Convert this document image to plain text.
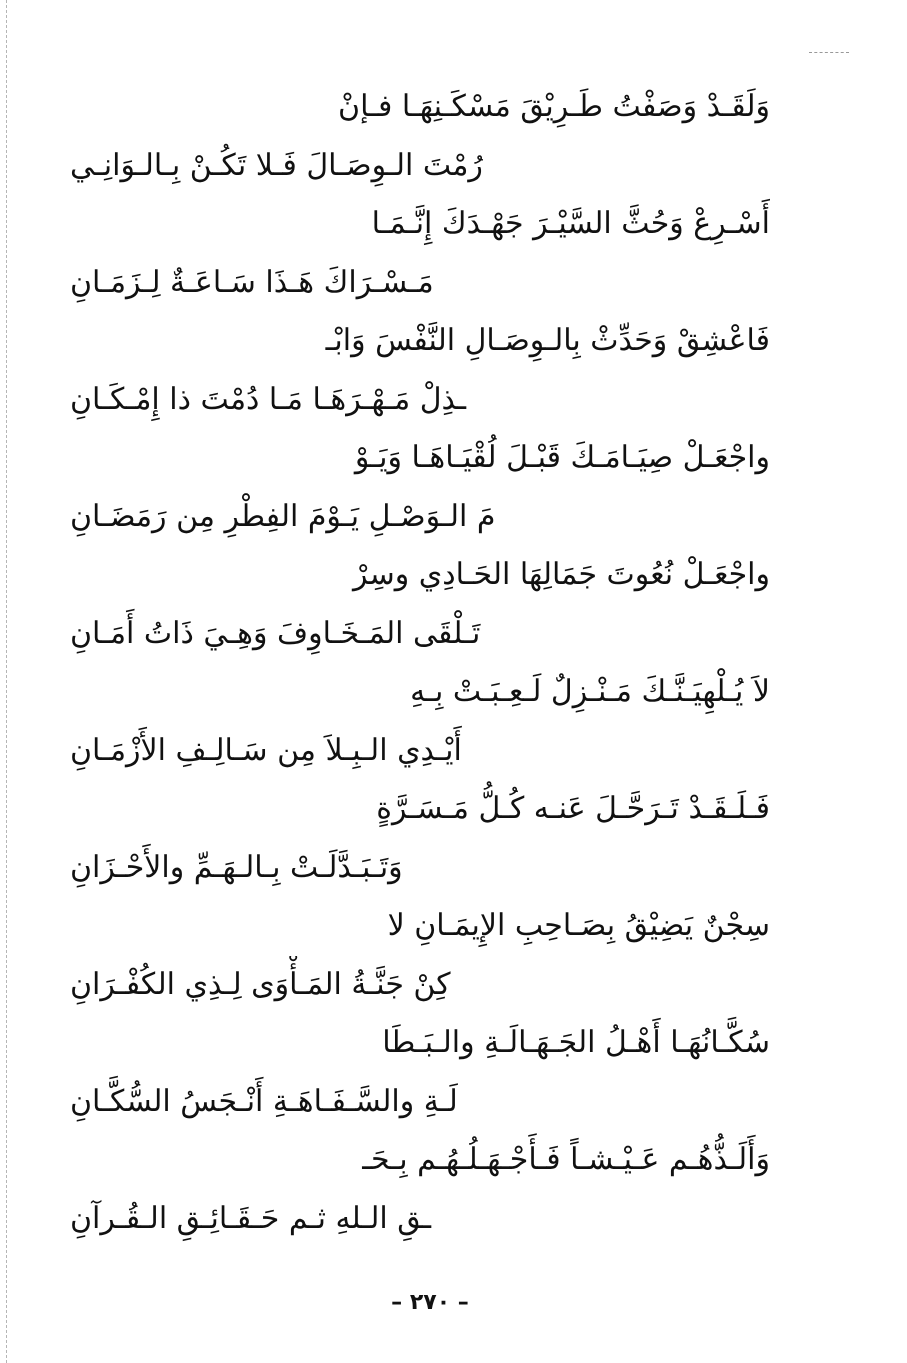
وَلَقَـدْ وَصَفْتُ طَـرِيْقَ مَسْكَـنِهَـا فـإنْ
رُمْتَ الـوِصَـالَ فَـلا تَكُـنْ بِـالـوَانِـي
أَسْـرِعْ وَحُثَّ السَّيْـرَ جَهْـدَكَ إِنَّـمَـا
مَـسْـرَاكَ هَـذَا سَـاعَـةٌ لِـزَمَـانِ
فَاعْشِقْ وَحَدِّثْ بِالـوِصَـالِ النَّفْسَ وَابْـ
ـذِلْ مَـهْـرَهَـا مَـا دُمْتَ ذا إِمْـكَـانِ
واجْعَـلْ صِيَـامَـكَ قَبْـلَ لُقْيَـاهَـا وَيَـوْ
مَ الـوَصْـلِ يَـوْمَ الفِطْرِ مِن رَمَضَـانِ
واجْعَـلْ نُعُوتَ جَمَالِهَا الحَـادِي وسِرْ
تَـلْقَى المَـخَـاوِفَ وَهِـيَ ذَاتُ أَمَـانِ
لاَ يُـلْهِيَـنَّـكَ مَـنْـزِلٌ لَـعِـبَـتْ بِـهِ
أَيْـدِي الـبِـلاَ مِن سَـالِـفِ الأَزْمَـانِ
فَـلَـقَـدْ تَـرَحَّـلَ عَنـه كُـلُّ مَـسَـرَّةٍ
وَتَـبَـدَّلَـتْ بِـالـهَـمِّ والأَحْـزَانِ
سِجْنٌ يَضِيْقُ بِصَـاحِبِ الإِيمَـانِ لا
كِنْ جَنَّـةُ المَـأْوَى لِـذِي الكُفْـرَانِ
سُكَّـانُهَـا أَهْـلُ الجَـهَـالَـةِ والـبَـطَا
لَـةِ والسَّـفَـاهَـةِ أَنْـجَسُ السُّكَّـانِ
وَأَلَـذُّهُـم عَـيْـشـاً فَـأَجْـهَـلُـهُـم بِـحَـ
ـقِ الـلهِ ثـم حَـقَـائِـقِ الـقُـرآنِ
– ٢٧٠ –
